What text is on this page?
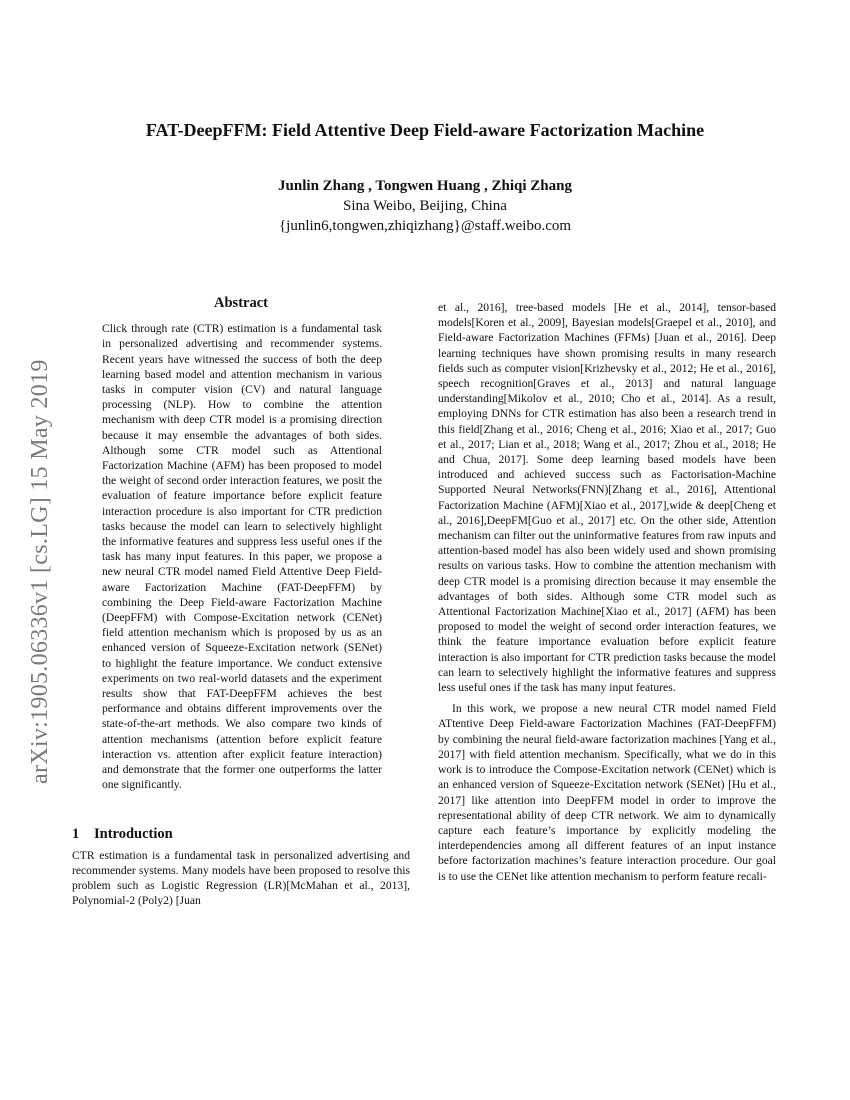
arXiv:1905.06336v1 [cs.LG] 15 May 2019
FAT-DeepFFM: Field Attentive Deep Field-aware Factorization Machine
Junlin Zhang , Tongwen Huang , Zhiqi Zhang
Sina Weibo, Beijing, China
{junlin6,tongwen,zhiqizhang}@staff.weibo.com
Abstract

Click through rate (CTR) estimation is a fundamental task in personalized advertising and recommender systems. Recent years have witnessed the success of both the deep learning based model and attention mechanism in various tasks in computer vision (CV) and natural language processing (NLP). How to combine the attention mechanism with deep CTR model is a promising direction because it may ensemble the advantages of both sides. Although some CTR model such as Attentional Factorization Machine (AFM) has been proposed to model the weight of second order interaction features, we posit the evaluation of feature importance before explicit feature interaction procedure is also important for CTR prediction tasks because the model can learn to selectively highlight the informative features and suppress less useful ones if the task has many input features. In this paper, we propose a new neural CTR model named Field Attentive Deep Field-aware Factorization Machine (FAT-DeepFFM) by combining the Deep Field-aware Factorization Machine (DeepFFM) with Compose-Excitation network (CENet) field attention mechanism which is proposed by us as an enhanced version of Squeeze-Excitation network (SENet) to highlight the feature importance. We conduct extensive experiments on two real-world datasets and the experiment results show that FAT-DeepFFM achieves the best performance and obtains different improvements over the state-of-the-art methods. We also compare two kinds of attention mechanisms (attention before explicit feature interaction vs. attention after explicit feature interaction) and demonstrate that the former one outperforms the latter one significantly.

1 Introduction

CTR estimation is a fundamental task in personalized advertising and recommender systems. Many models have been proposed to resolve this problem such as Logistic Regression (LR)[McMahan et al., 2013], Polynomial-2 (Poly2) [Juan

et al., 2016], tree-based models [He et al., 2014], tensor-based models[Koren et al., 2009], Bayesian models[Graepel et al., 2010], and Field-aware Factorization Machines (FFMs) [Juan et al., 2016]. Deep learning techniques have shown promising results in many research fields such as computer vision[Krizhevsky et al., 2012; He et al., 2016], speech recognition[Graves et al., 2013] and natural language understanding[Mikolov et al., 2010; Cho et al., 2014]. As a result, employing DNNs for CTR estimation has also been a research trend in this field[Zhang et al., 2016; Cheng et al., 2016; Xiao et al., 2017; Guo et al., 2017; Lian et al., 2018; Wang et al., 2017; Zhou et al., 2018; He and Chua, 2017]. Some deep learning based models have been introduced and achieved success such as Factorisation-Machine Supported Neural Networks(FNN)[Zhang et al., 2016], Attentional Factorization Machine (AFM)[Xiao et al., 2017],wide & deep[Cheng et al., 2016],DeepFM[Guo et al., 2017] etc. On the other side, Attention mechanism can filter out the uninformative features from raw inputs and attention-based model has also been widely used and shown promising results on various tasks. How to combine the attention mechanism with deep CTR model is a promising direction because it may ensemble the advantages of both sides. Although some CTR model such as Attentional Factorization Machine[Xiao et al., 2017] (AFM) has been proposed to model the weight of second order interaction features, we think the feature importance evaluation before explicit feature interaction is also important for CTR prediction tasks because the model can learn to selectively highlight the informative features and suppress less useful ones if the task has many input features.

In this work, we propose a new neural CTR model named Field ATtentive Deep Field-aware Factorization Machines (FAT-DeepFFM) by combining the neural field-aware factorization machines [Yang et al., 2017] with field attention mechanism. Specifically, what we do in this work is to introduce the Compose-Excitation network (CENet) which is an enhanced version of Squeeze-Excitation network (SENet) [Hu et al., 2017] like attention into DeepFFM model in order to improve the representational ability of deep CTR network. We aim to dynamically capture each feature’s importance by explicitly modeling the interdependencies among all different features of an input instance before factorization machines’s feature interaction procedure. Our goal is to use the CENet like attention mechanism to perform feature recali-
